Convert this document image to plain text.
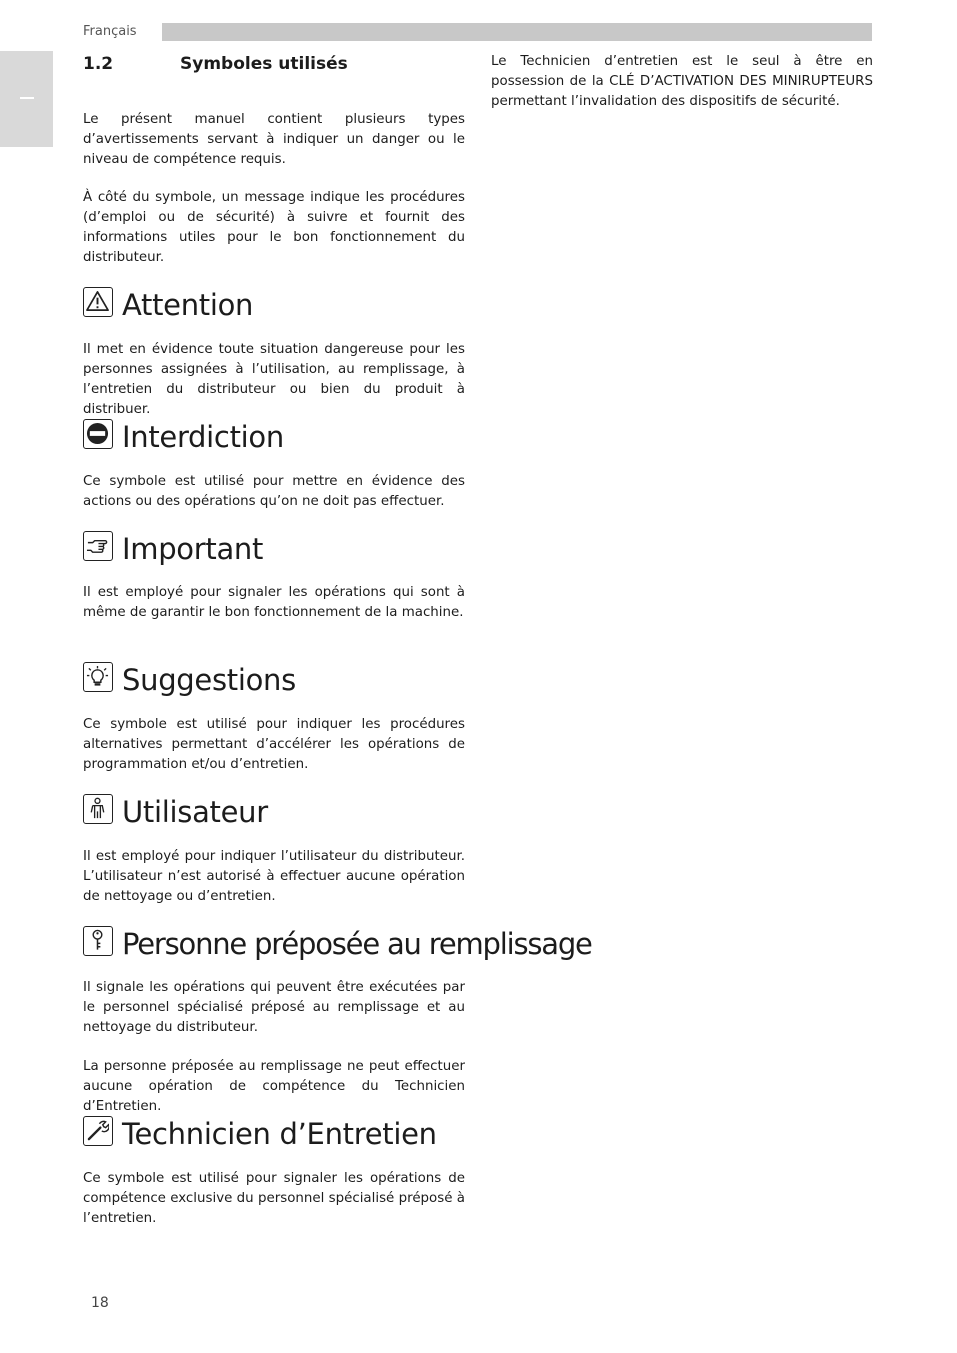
Français
1.2	Symboles utilisés
Le présent manuel contient plusieurs types d’avertissements servant à indiquer un danger ou le niveau de compétence requis.
À côté du symbole, un message indique les procédures (d’emploi ou de sécurité) à suivre et fournit des informations utiles pour le bon fonctionnement du distributeur.
Attention
Il met en évidence toute situation dangereuse pour les personnes assignées à l’utilisation, au remplissage, à l’entretien du distributeur ou bien du produit à distribuer.
Interdiction
Ce symbole est utilisé pour mettre en évidence des actions ou des opérations qu’on ne doit pas effectuer.
Important
Il est employé pour signaler les opérations qui sont à même de garantir le bon fonctionnement de la machine.
Suggestions
Ce symbole est utilisé pour indiquer les procédures alternatives permettant d’accélérer les opérations de programmation et/ou d’entretien.
Utilisateur
Il est employé pour indiquer l’utilisateur du distributeur. L’utilisateur n’est autorisé à effectuer aucune opération de nettoyage ou d’entretien.
Personne préposée au remplissage
Il signale les opérations qui peuvent être exécutées par le personnel spécialisé préposé au remplissage et au nettoyage du distributeur.
La personne préposée au remplissage ne peut effectuer aucune opération de compétence du Technicien d’Entretien.
Technicien d’Entretien
Ce symbole est utilisé pour signaler les opérations de compétence exclusive du personnel spécialisé préposé à l’entretien.
Le Technicien d’entretien est le seul à être en possession de la CLÉ D’ACTIVATION DES MINIRUPTEURS permettant l’invalidation des dispositifs de sécurité.
18
